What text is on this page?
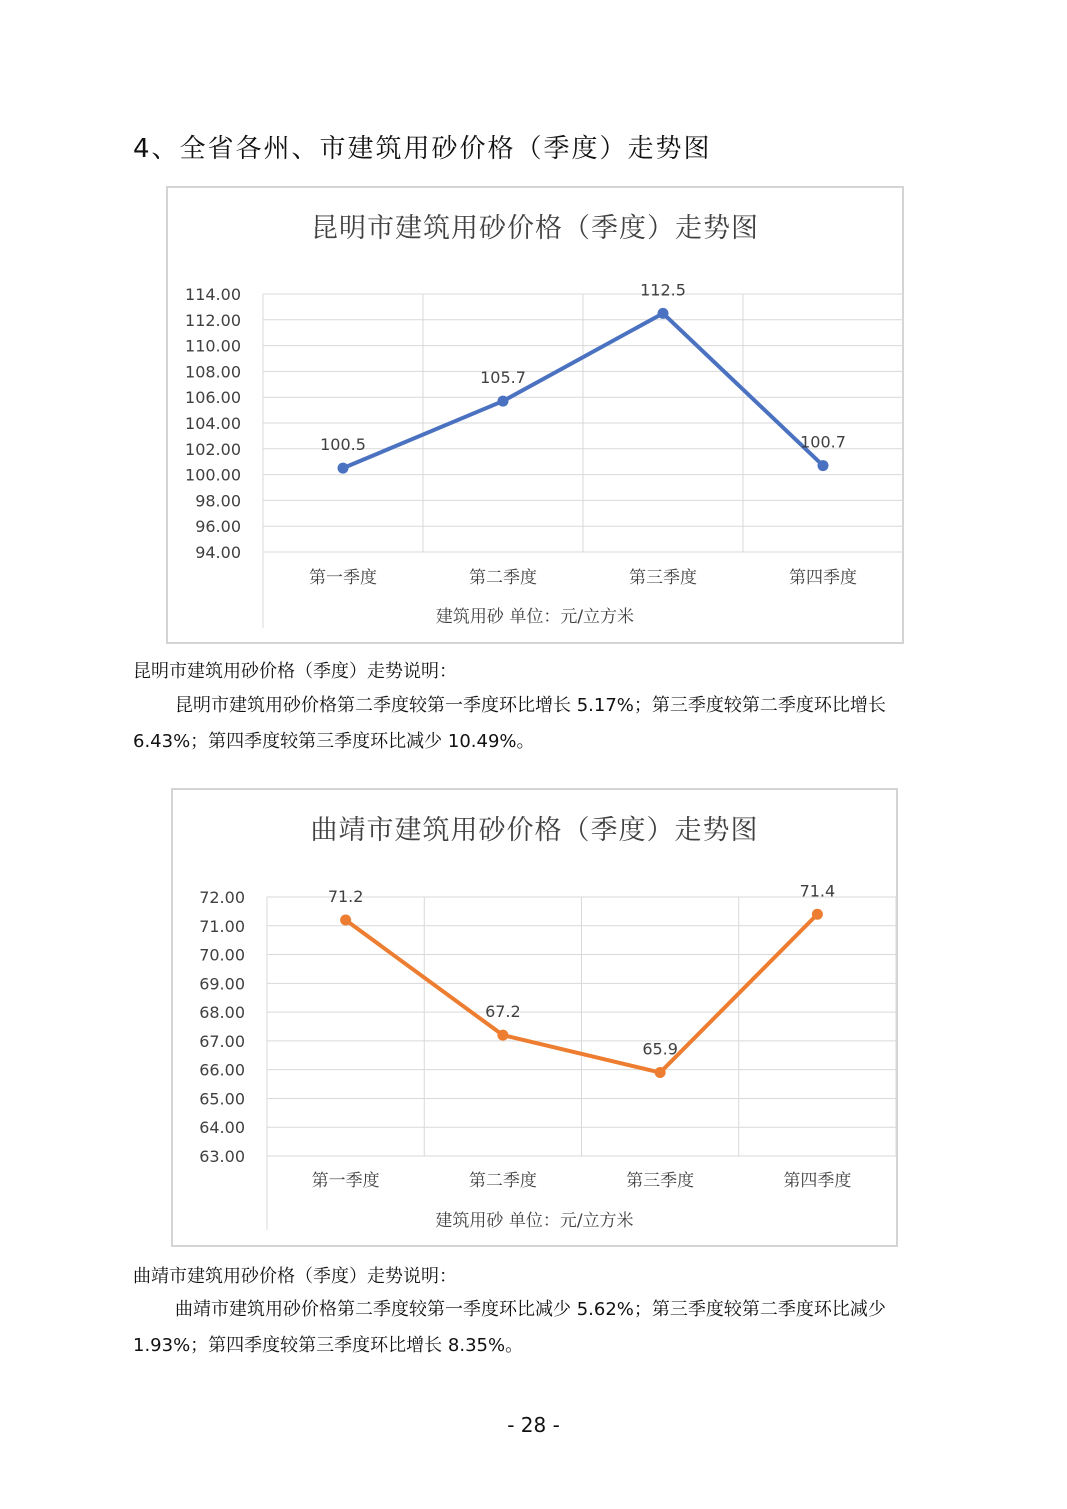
4、全省各州、市建筑用砂价格（季度）走势图
昆明市建筑用砂价格（季度）走势图
94.00
96.00
98.00
100.00
102.00
104.00
106.00
108.00
110.00
112.00
114.00
第一季度	第二季度	第三季度	第四季度
100.5
105.7
112.5
100.7
建筑用砂 单位：元/立方米
昆明市建筑用砂价格（季度）走势说明：
昆明市建筑用砂价格第二季度较第一季度环比增长 5.17%；第三季度较第二季度环比增长 6.43%；第四季度较第三季度环比减少 10.49%。
曲靖市建筑用砂价格（季度）走势图
63.00
64.00
65.00
66.00
67.00
68.00
69.00
70.00
71.00
72.00
第一季度	第二季度	第三季度	第四季度
71.2
67.2
65.9
71.4
建筑用砂 单位：元/立方米
曲靖市建筑用砂价格（季度）走势说明：
曲靖市建筑用砂价格第二季度较第一季度环比减少 5.62%；第三季度较第二季度环比减少 1.93%；第四季度较第三季度环比增长 8.35%。
- 28 -
